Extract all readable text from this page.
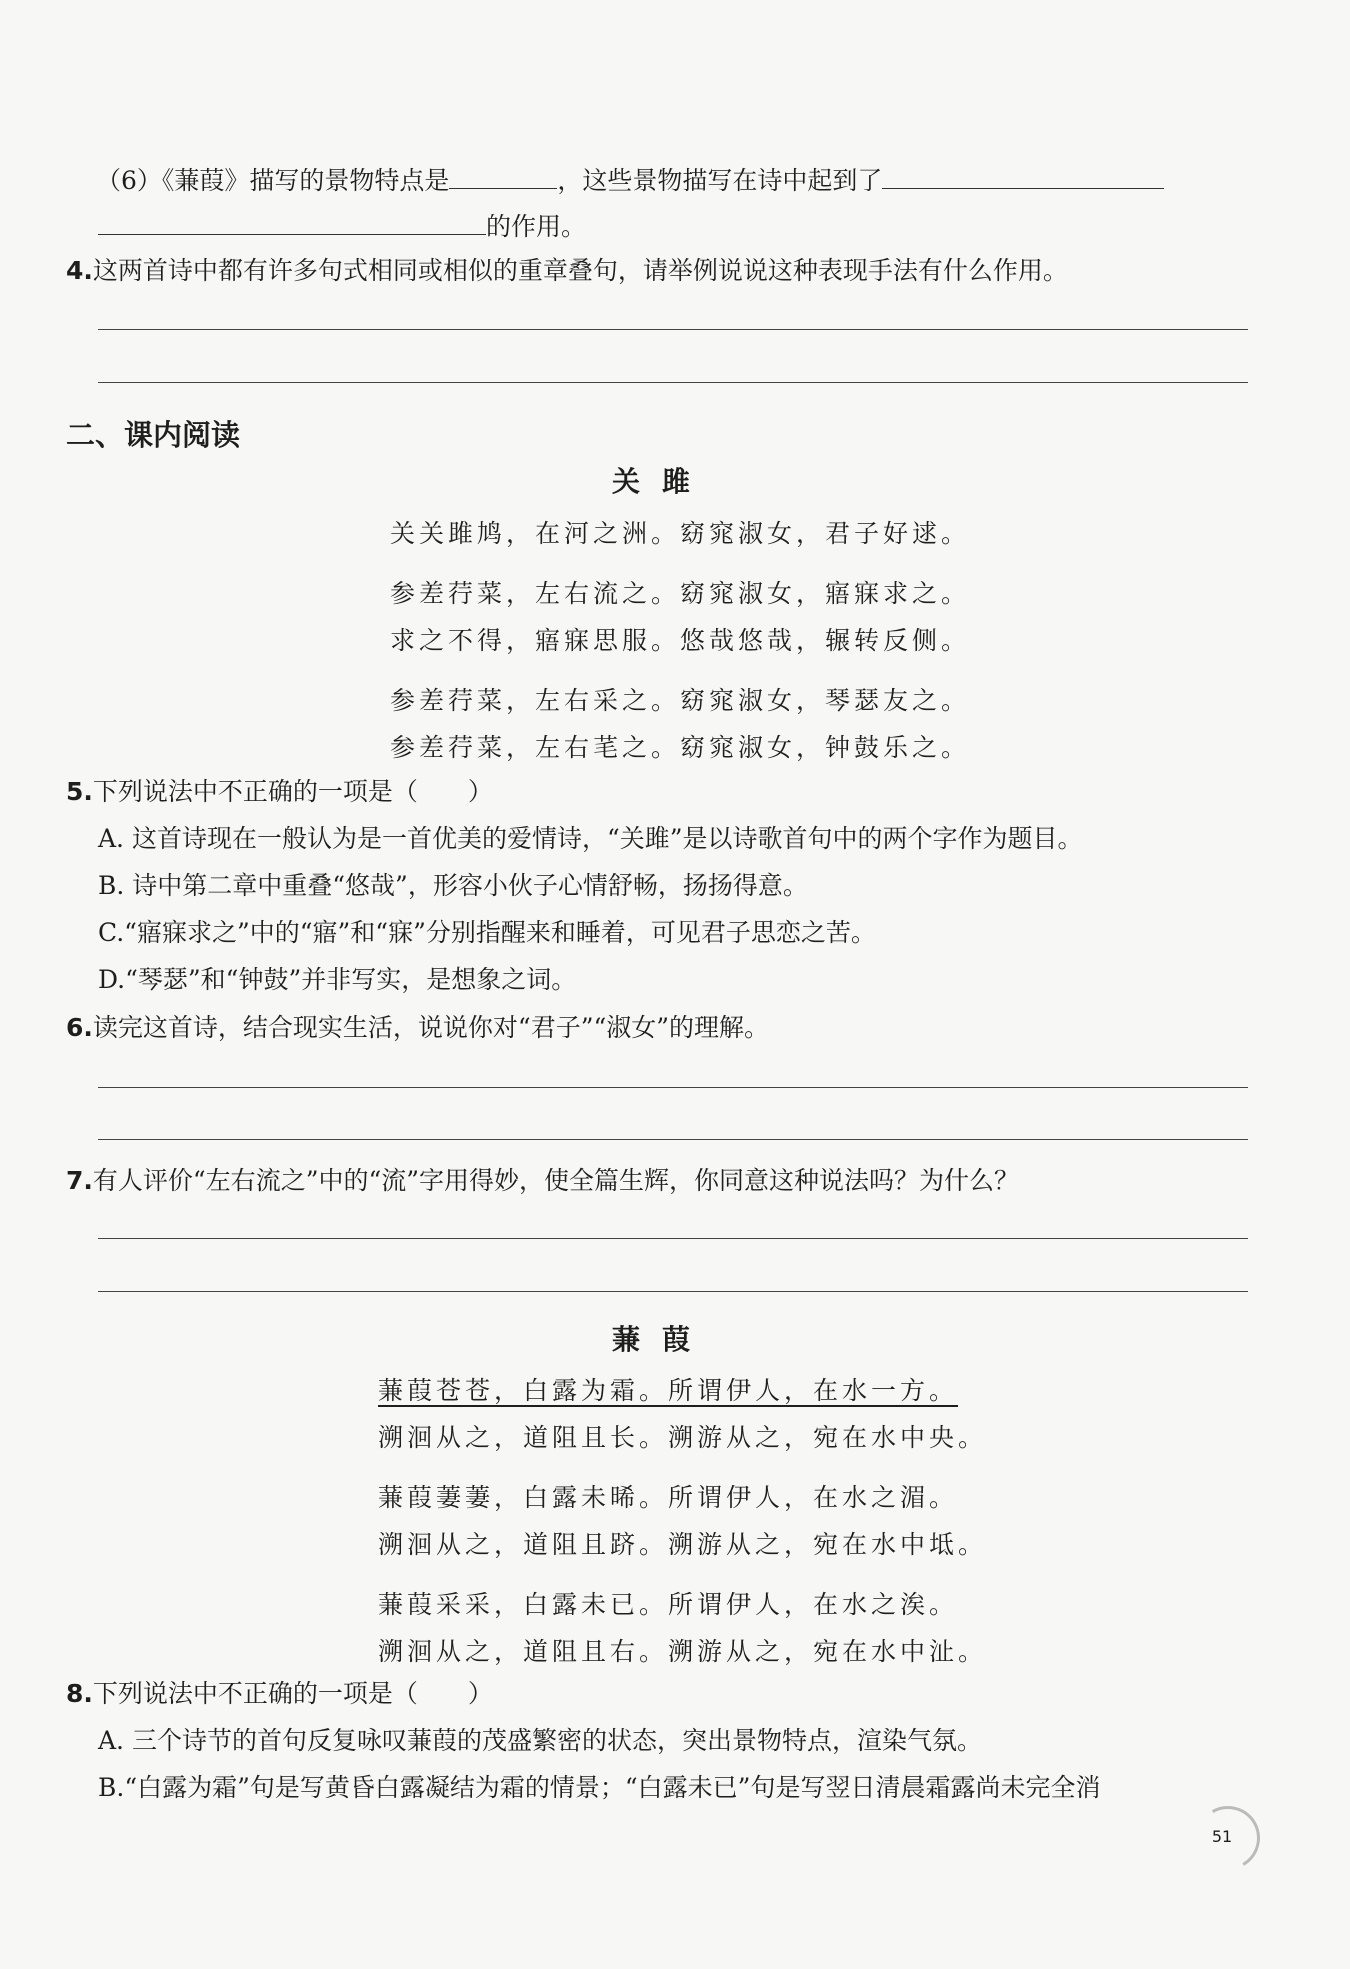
（6）《蒹葭》描写的景物特点是	，这些景物描写在诗中起到了
的作用。
4.这两首诗中都有许多句式相同或相似的重章叠句，请举例说说这种表现手法有什么作用。
二、课内阅读
关雎
关关雎鸠，在河之洲。窈窕淑女，君子好逑。
参差荇菜，左右流之。窈窕淑女，寤寐求之。
求之不得，寤寐思服。悠哉悠哉，辗转反侧。
参差荇菜，左右采之。窈窕淑女，琴瑟友之。
参差荇菜，左右芼之。窈窕淑女，钟鼓乐之。
5.下列说法中不正确的一项是（　　）
A. 这首诗现在一般认为是一首优美的爱情诗，“关雎”是以诗歌首句中的两个字作为题目。
B. 诗中第二章中重叠“悠哉”，形容小伙子心情舒畅，扬扬得意。
C.“寤寐求之”中的“寤”和“寐”分别指醒来和睡着，可见君子思恋之苦。
D.“琴瑟”和“钟鼓”并非写实，是想象之词。
6.读完这首诗，结合现实生活，说说你对“君子”“淑女”的理解。
7.有人评价“左右流之”中的“流”字用得妙，使全篇生辉，你同意这种说法吗？为什么？
蒹葭
蒹葭苍苍，白露为霜。所谓伊人，在水一方。
溯洄从之，道阻且长。溯游从之，宛在水中央。
蒹葭萋萋，白露未晞。所谓伊人，在水之湄。
溯洄从之，道阻且跻。溯游从之，宛在水中坻。
蒹葭采采，白露未已。所谓伊人，在水之涘。
溯洄从之，道阻且右。溯游从之，宛在水中沚。
8.下列说法中不正确的一项是（　　）
A. 三个诗节的首句反复咏叹蒹葭的茂盛繁密的状态，突出景物特点，渲染气氛。
B.“白露为霜”句是写黄昏白露凝结为霜的情景；“白露未已”句是写翌日清晨霜露尚未完全消
51
